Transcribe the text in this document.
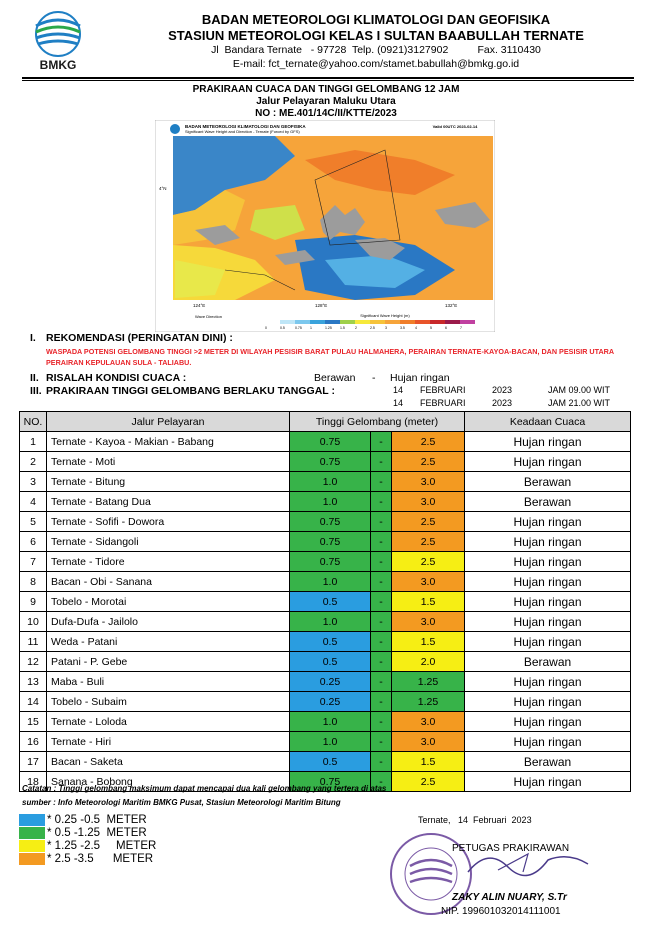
BMKG
BADAN METEOROLOGI KLIMATOLOGI DAN GEOFISIKA
STASIUN METEOROLOGI KELAS I SULTAN BAABULLAH TERNATE
Jl  Bandara Ternate   - 97728  Telp. (0921)3127902          Fax. 3110430
E-mail: fct_ternate@yahoo.com/stamet.babullah@bmkg.go.id
PRAKIRAAN CUACA DAN TINGGI GELOMBANG 12 JAM
Jalur Pelayaran Maluku Utara
NO : ME.401/14C/II/KTTE/2023
BADAN METEOROLOGI KLIMATOLOGI DAN GEOFISIKA
Significant Wave Height and Direction - Ternate (Forced by GFS)
Valid 00UTC 2023-02-14
4°N
124°E	128°E	132°E
Wave Direction
0	0.5	0.75 1	1.25 1.5	2	2.5	3	3.5	4	5	6	7
Significant Wave Height (m)
I. REKOMENDASI (PERINGATAN DINI) :
WASPADA POTENSI GELOMBANG TINGGI >2 METER DI WILAYAH PESISIR BARAT PULAU HALMAHERA, PERAIRAN TERNATE-KAYOA-BACAN, DAN PESISIR UTARA PERAIRAN KEPULAUAN SULA - TALIABU.
II. RISALAH KONDISI CUACA :	Berawan - Hujan ringan
III. PRAKIRAAN TINGGI GELOMBANG BERLAKU TANGGAL :	14 FEBRUARI	2023	JAM 09.00 WIT
14 FEBRUARI	2023	JAM 21.00 WIT
NO.	Jalur Pelayaran	Tinggi Gelombang (meter)			Keadaan Cuaca
1	Ternate - Kayoa - Makian - Babang	0.75	-	2.5	Hujan ringan
2	Ternate - Moti	0.75	-	2.5	Hujan ringan
3	Ternate - Bitung	1.0	-	3.0	Berawan
4	Ternate - Batang Dua	1.0	-	3.0	Berawan
5	Ternate - Sofifi - Dowora	0.75	-	2.5	Hujan ringan
6	Ternate - Sidangoli	0.75	-	2.5	Hujan ringan
7	Ternate - Tidore	0.75	-	2.5	Hujan ringan
8	Bacan - Obi - Sanana	1.0	-	3.0	Hujan ringan
9	Tobelo - Morotai	0.5	-	1.5	Hujan ringan
10	Dufa-Dufa - Jailolo	1.0	-	3.0	Hujan ringan
11	Weda - Patani	0.5	-	1.5	Hujan ringan
12	Patani - P. Gebe	0.5	-	2.0	Berawan
13	Maba - Buli	0.25	-	1.25	Hujan ringan
14	Tobelo - Subaim	0.25	-	1.25	Hujan ringan
15	Ternate - Loloda	1.0	-	3.0	Hujan ringan
16	Ternate - Hiri	1.0	-	3.0	Hujan ringan
17	Bacan - Saketa	0.5	-	1.5	Berawan
18	Sanana - Bobong	0.75	-	2.5	Hujan ringan
Catatan : Tinggi gelombang maksimum dapat mencapai dua kali gelombang yang tertera di atas
sumber : Info Meteorologi Maritim BMKG Pusat, Stasiun Meteorologi Maritim Bitung
* 0.25 -0.5  METER
* 0.5 -1.25  METER
* 1.25 -2.5     METER
* 2.5 -3.5      METER
Ternate,   14  Februari  2023
PETUGAS PRAKIRAWAN
ZAKY ALIN NUARY, S.Tr
NIP. 199601032014111001
